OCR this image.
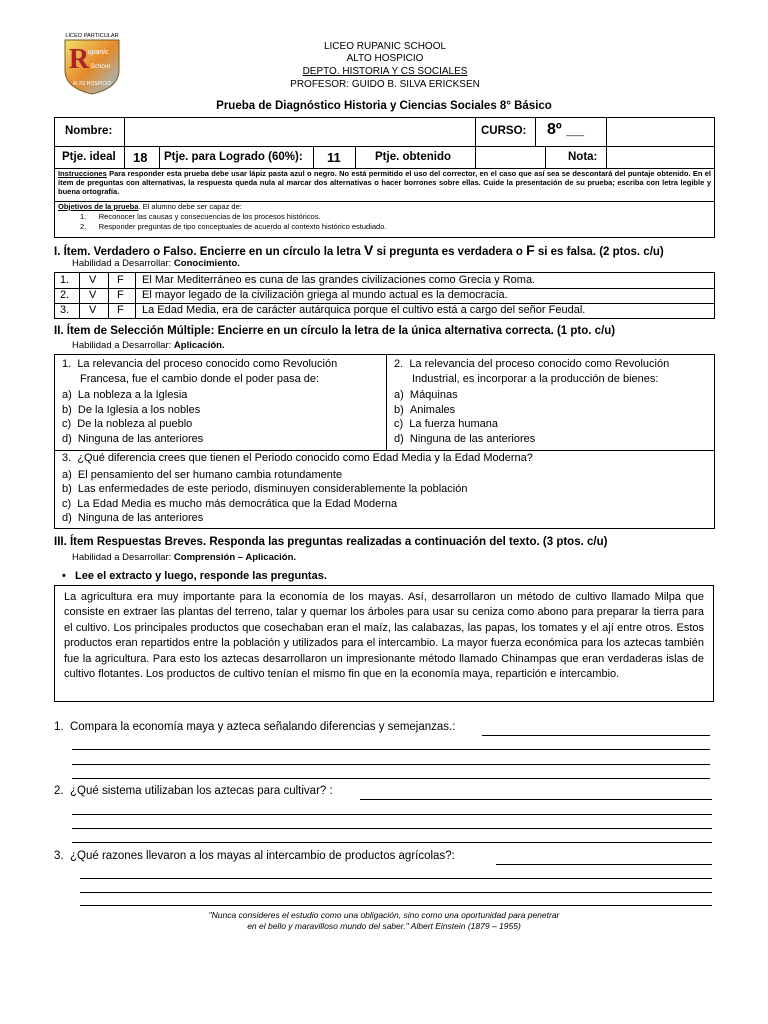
LICEO PARTICULAR
R
upanic
School
ALTO HOSPICIO
LICEO RUPANIC SCHOOL
ALTO HOSPICIO
DEPTO. HISTORIA Y CS SOCIALES
PROFESOR: GUIDO B. SILVA ERICKSEN
Prueba de Diagnóstico Historia y Ciencias Sociales 8° Básico
Nombre:	CURSO: 8º __
Ptje. ideal 18 Ptje. para Logrado (60%): 11	Ptje. obtenido	Nota:
Instrucciones Para responder esta prueba debe usar lápiz pasta azul o negro. No está permitido el uso del corrector, en el caso que así sea se descontará del puntaje obtenido. En el ítem de preguntas con alternativas, la respuesta queda nula al marcar dos alternativas o hacer borrones sobre ellas. Cuide la presentación de su prueba; escriba con letra legible y buena ortografía.
Objetivos de la prueba. El alumno debe ser capaz de:
1.      Reconocer las causas y consecuencias de los procesos históricos.
2.      Responder preguntas de tipo conceptuales de acuerdo al contexto histórico estudiado.
I. Ítem. Verdadero o Falso. Encierre en un círculo la letra V si pregunta es verdadera o F si es falsa. (2 ptos. c/u)
Habilidad a Desarrollar: Conocimiento.
1. V F El Mar Mediterráneo es cuna de las grandes civilizaciones como Grecia y Roma.
2. V F El mayor legado de la civilización griega al mundo actual es la democracia.
3. V F La Edad Media, era de carácter autárquica porque el cultivo está a cargo del señor Feudal.
II. Ítem de Selección Múltiple: Encierre en un círculo la letra de la única alternativa correcta. (1 pto. c/u)
Habilidad a Desarrollar: Aplicación.
1. La relevancia del proceso conocido como Revolución
Francesa, fue el cambio donde el poder pasa de:
a) La nobleza a la Iglesia
b) De la Iglesia a los nobles
c) De la nobleza al pueblo
d) Ninguna de las anteriores
2. La relevancia del proceso conocido como Revolución
Industrial, es incorporar a la producción de bienes:
a) Máquinas
b) Animales
c) La fuerza humana
d) Ninguna de las anteriores
3. ¿Qué diferencia crees que tienen el Periodo conocido como Edad Media y la Edad Moderna?
a) El pensamiento del ser humano cambia rotundamente
b) Las enfermedades de este periodo, disminuyen considerablemente la población
c) La Edad Media es mucho más democrática que la Edad Moderna
d) Ninguna de las anteriores
III. Ítem Respuestas Breves. Responda las preguntas realizadas a continuación del texto. (3 ptos. c/u)
Habilidad a Desarrollar: Comprensión – Aplicación.
•   Lee el extracto y luego, responde las preguntas.
La agricultura era muy importante para la economía de los mayas. Así, desarrollaron un método de cultivo llamado Milpa que consiste en extraer las plantas del terreno, talar y quemar los árboles para usar su ceniza como abono para preparar la tierra para el cultivo. Los principales productos que cosechaban eran el maíz, las calabazas, las papas, los tomates y el ají entre otros. Estos productos eran repartidos entre la población y utilizados para el intercambio. La mayor fuerza económica para los aztecas también fue la agricultura. Para esto los aztecas desarrollaron un impresionante método llamado Chinampas que eran verdaderas islas de cultivo flotantes. Los productos de cultivo tenían el mismo fin que en la economía maya, repartición e intercambio.
1. Compara la economía maya y azteca señalando diferencias y semejanzas.:
2. ¿Qué sistema utilizaban los aztecas para cultivar? :
3. ¿Qué razones llevaron a los mayas al intercambio de productos agrícolas?:
"Nunca consideres el estudio como una obligación, sino como una oportunidad para penetrar
en el bello y maravilloso mundo del saber." Albert Einstein (1879 – 1955)
